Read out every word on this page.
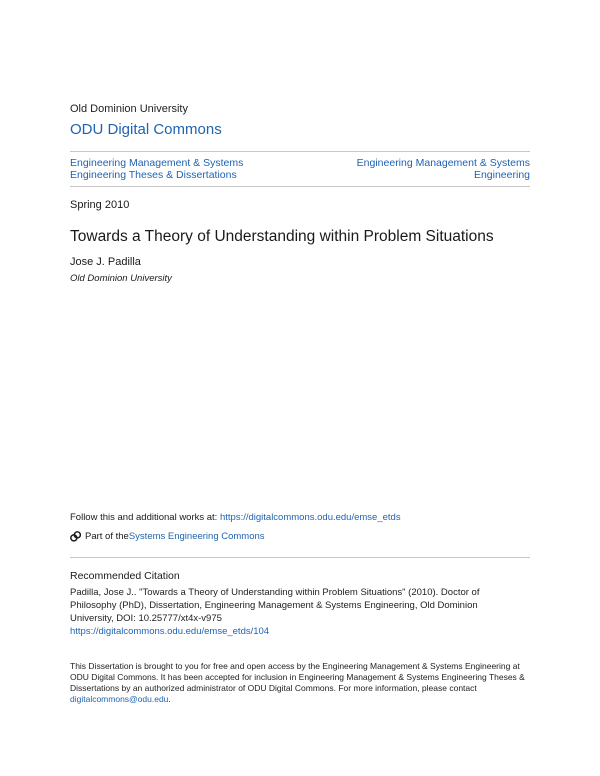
Old Dominion University
ODU Digital Commons
Engineering Management & Systems
Engineering Theses & Dissertations
Engineering Management & Systems
Engineering
Spring 2010
Towards a Theory of Understanding within Problem Situations
Jose J. Padilla
Old Dominion University
Follow this and additional works at: https://digitalcommons.odu.edu/emse_etds
Part of the Systems Engineering Commons
Recommended Citation
Padilla, Jose J.. "Towards a Theory of Understanding within Problem Situations" (2010). Doctor of Philosophy (PhD), Dissertation, Engineering Management & Systems Engineering, Old Dominion University, DOI: 10.25777/xt4x-v975
https://digitalcommons.odu.edu/emse_etds/104
This Dissertation is brought to you for free and open access by the Engineering Management & Systems Engineering at ODU Digital Commons. It has been accepted for inclusion in Engineering Management & Systems Engineering Theses & Dissertations by an authorized administrator of ODU Digital Commons. For more information, please contact digitalcommons@odu.edu.
